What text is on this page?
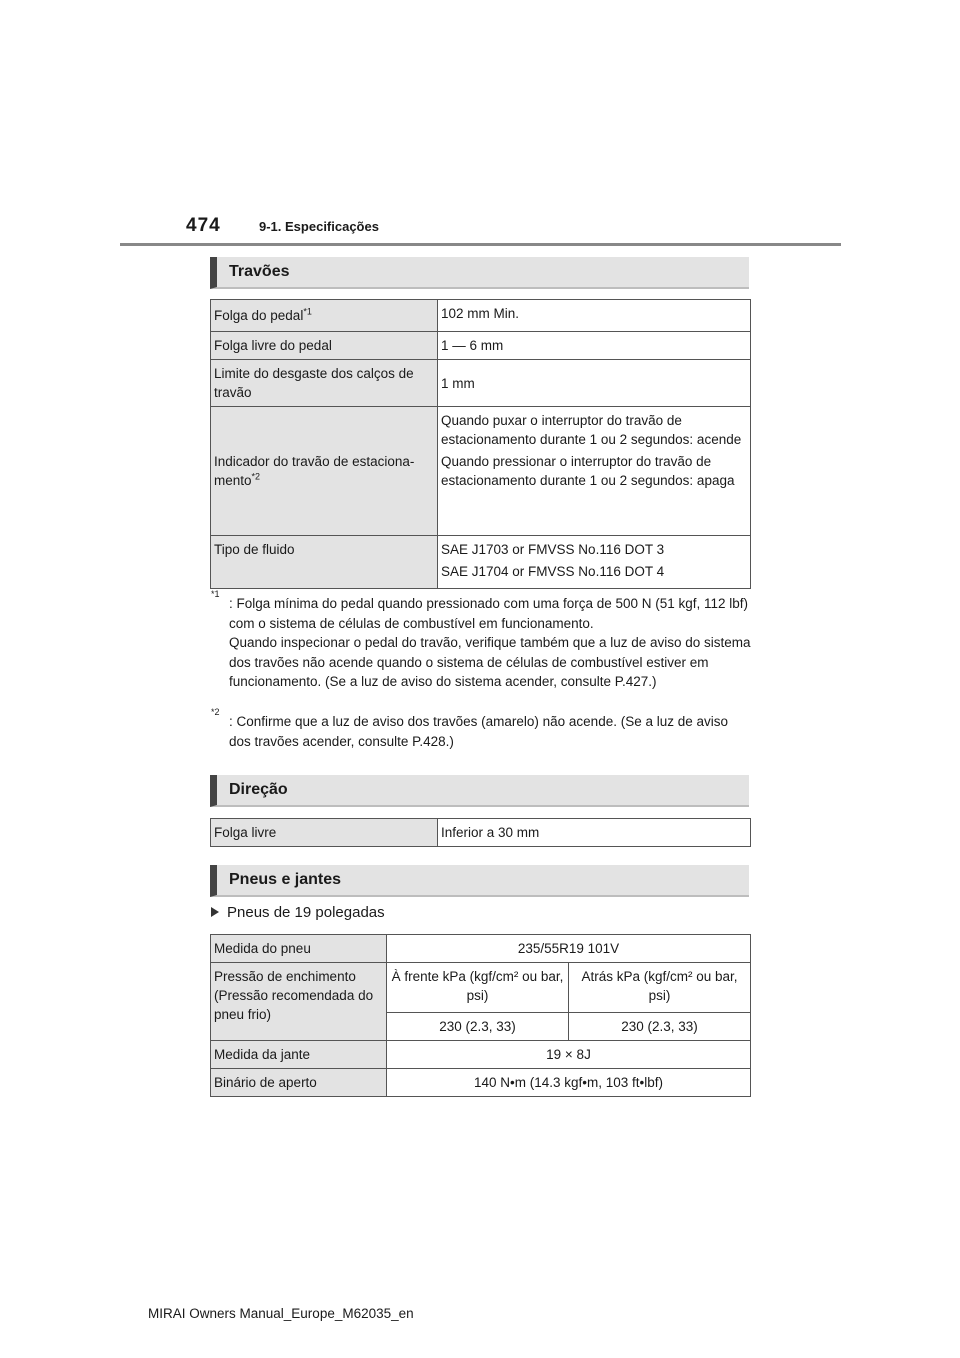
474	9-1. Especificações
Travões
Folga do pedal$^{*1}$	102 mm Min.
Folga livre do pedal	1 — 6 mm
Limite do desgaste dos calços de travão	1 mm
Indicador do travão de estaciona-mento$^{*2}$	Quando puxar o interruptor do travão de estacionamento durante 1 ou 2 segundos: acende

Quando pressionar o interruptor do travão de estacionamento durante 1 ou 2 segundos: apaga

Tipo de fluido	SAE J1703 or FMVSS No.116 DOT 3

SAE J1704 or FMVSS No.116 DOT 4

*1
: Folga mínima do pedal quando pressionado com uma força de 500 N (51 kgf, 112 lbf) com o sistema de células de combustível em funcionamento.
Quando inspecionar o pedal do travão, verifique também que a luz de aviso do sistema dos travões não acende quando o sistema de células de combustível estiver em funcionamento. (Se a luz de aviso do sistema acender, consulte P.427.)
*2
: Confirme que a luz de aviso dos travões (amarelo) não acende. (Se a luz de aviso dos travões acender, consulte P.428.)
Direção
Folga livre	Inferior a 30 mm
Pneus e jantes
Pneus de 19 polegadas
Medida do pneu	235/55R19 101V	
Pressão de enchimento (Pressão recomendada do pneu frio)	À frente kPa (kgf/cm² ou bar, psi)	Atrás kPa (kgf/cm² ou bar, psi)
	230 (2.3, 33)	230 (2.3, 33)
Medida da jante	19 × 8J	
Binário de aperto	140 N•m (14.3 kgf•m, 103 ft•lbf)	
MIRAI Owners Manual_Europe_M62035_en
